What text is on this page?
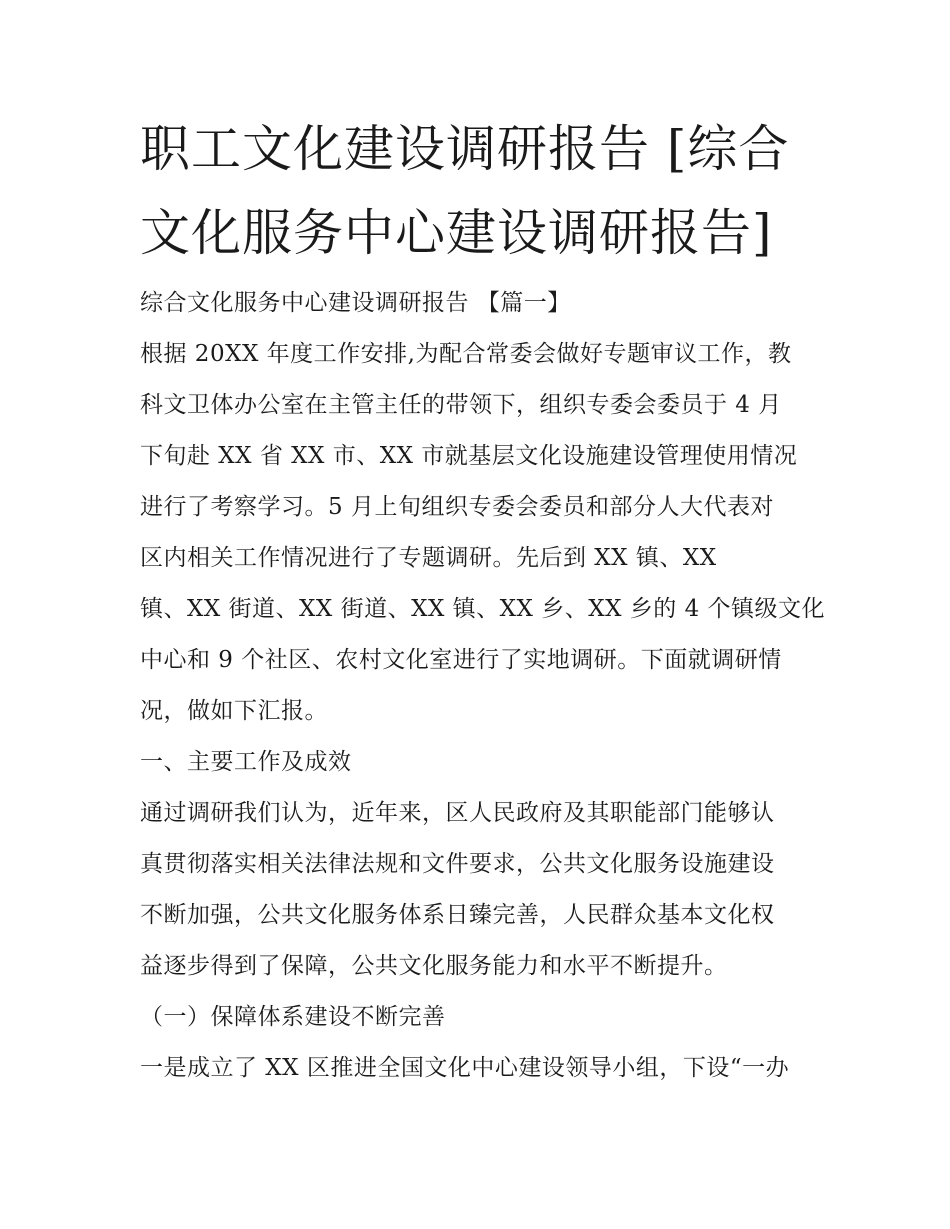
职工文化建设调研报告 [综合

文化服务中心建设调研报告]

综合文化服务中心建设调研报告 【篇一】

根据 20XX 年度工作安排,为配合常委会做好专题审议工作，教

科文卫体办公室在主管主任的带领下，组织专委会委员于 4 月

下旬赴 XX 省 XX 市、XX 市就基层文化设施建设管理使用情况

进行了考察学习。5 月上旬组织专委会委员和部分人大代表对

区内相关工作情况进行了专题调研。先后到 XX 镇、XX

镇、XX 街道、XX 街道、XX 镇、XX 乡、XX 乡的 4 个镇级文化

中心和 9 个社区、农村文化室进行了实地调研。下面就调研情

况，做如下汇报。

一、主要工作及成效

通过调研我们认为，近年来，区人民政府及其职能部门能够认

真贯彻落实相关法律法规和文件要求，公共文化服务设施建设

不断加强，公共文化服务体系日臻完善，人民群众基本文化权

益逐步得到了保障，公共文化服务能力和水平不断提升。

（一）保障体系建设不断完善

一是成立了 XX 区推进全国文化中心建设领导小组，下设“一办
